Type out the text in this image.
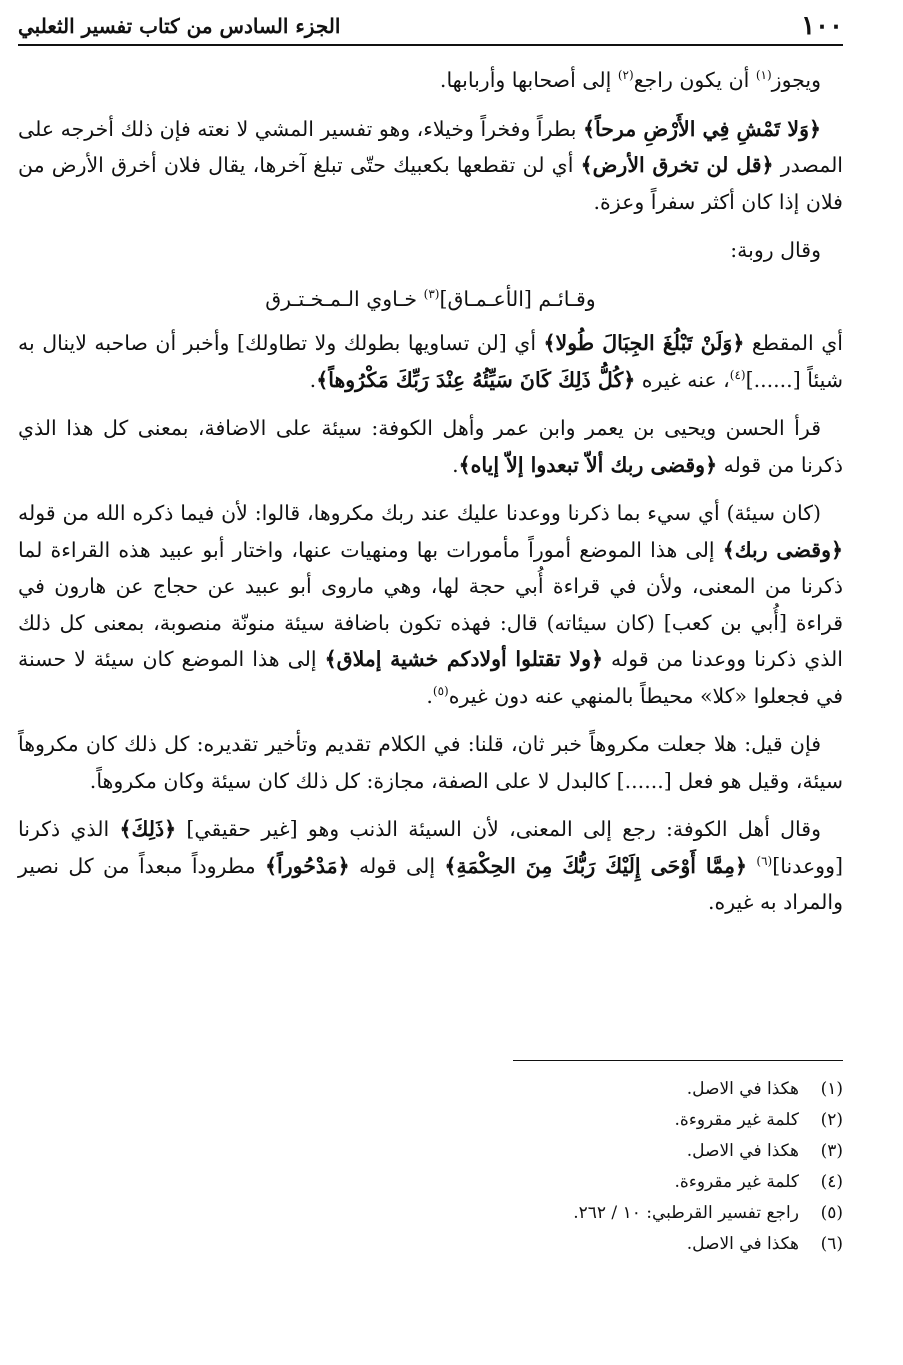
١٠٠
الجزء السادس من كتاب تفسير الثعلبي

ويجوز$^{(١)}$ أن يكون راجع$^{(٢)}$ إلى أصحابها وأربابها.

﴿وَلا تَمْشِ فِي الأَرْضِ مرحاً﴾ بطراً وفخراً وخيلاء، وهو تفسير المشي لا نعته فإن ذلك أخرجه على المصدر ﴿قل لن تخرق الأرض﴾ أي لن تقطعها بكعبيك حتّى تبلغ آخرها، يقال فلان أخرق الأرض من فلان إذا كان أكثر سفراً وعزة.

وقال روبة:

وقـائـم [الأعـمـاق]$^{(٣)}$ خـاوي الـمـخـتـرق

أي المقطع ﴿وَلَنْ تَبْلُغَ الجِبَالَ طُولا﴾ أي [لن تساويها بطولك ولا تطاولك] وأخبر أن صاحبه لاينال به شيئاً [......]$^{(٤)}$، عنه غيره ﴿كُلُّ ذَلِكَ كَانَ سَيِّئُهُ عِنْدَ رَبِّكَ مَكْرُوهاً﴾.

قرأ الحسن ويحيى بن يعمر وابن عمر وأهل الكوفة: سيئة على الاضافة، بمعنى كل هذا الذي ذكرنا من قوله ﴿وقضى ربك ألاّ تبعدوا إلاّ إياه﴾.

(كان سيئة) أي سيء بما ذكرنا ووعدنا عليك عند ربك مكروها، قالوا: لأن فيما ذكره الله من قوله ﴿وقضى ربك﴾ إلى هذا الموضع أموراً مأمورات بها ومنهيات عنها، واختار أبو عبيد هذه القراءة لما ذكرنا من المعنى، ولأن في قراءة أُبي حجة لها، وهي ماروى أبو عبيد عن حجاج عن هارون في قراءة [أُبي بن كعب] (كان سيئاته) قال: فهذه تكون باضافة سيئة منونّة منصوبة، بمعنى كل ذلك الذي ذكرنا ووعدنا من قوله ﴿ولا تقتلوا أولادكم خشية إملاق﴾ إلى هذا الموضع كان سيئة لا حسنة في فجعلوا «كلا» محيطاً بالمنهي عنه دون غيره$^{(٥)}$.

فإن قيل: هلا جعلت مكروهاً خبر ثان، قلنا: في الكلام تقديم وتأخير تقديره: كل ذلك كان مكروهاً سيئة، وقيل هو فعل [......] كالبدل لا على الصفة، مجازة: كل ذلك كان سيئة وكان مكروهاً.

وقال أهل الكوفة: رجع إلى المعنى، لأن السيئة الذنب وهو [غير حقيقي] ﴿ذَلِكَ﴾ الذي ذكرنا [ووعدنا]$^{(٦)}$ ﴿مِمَّا أَوْحَى إِلَيْكَ رَبُّكَ مِنَ الحِكْمَةِ﴾ إلى قوله ﴿مَدْحُوراً﴾ مطروداً مبعداً من كل نصير والمراد به غيره.

(١)
هكذا في الاصل.
(٢)
كلمة غير مقروءة.
(٣)
هكذا في الاصل.
(٤)
كلمة غير مقروءة.
(٥)
راجع تفسير القرطبي: ١٠ / ٢٦٢.
(٦)
هكذا في الاصل.
